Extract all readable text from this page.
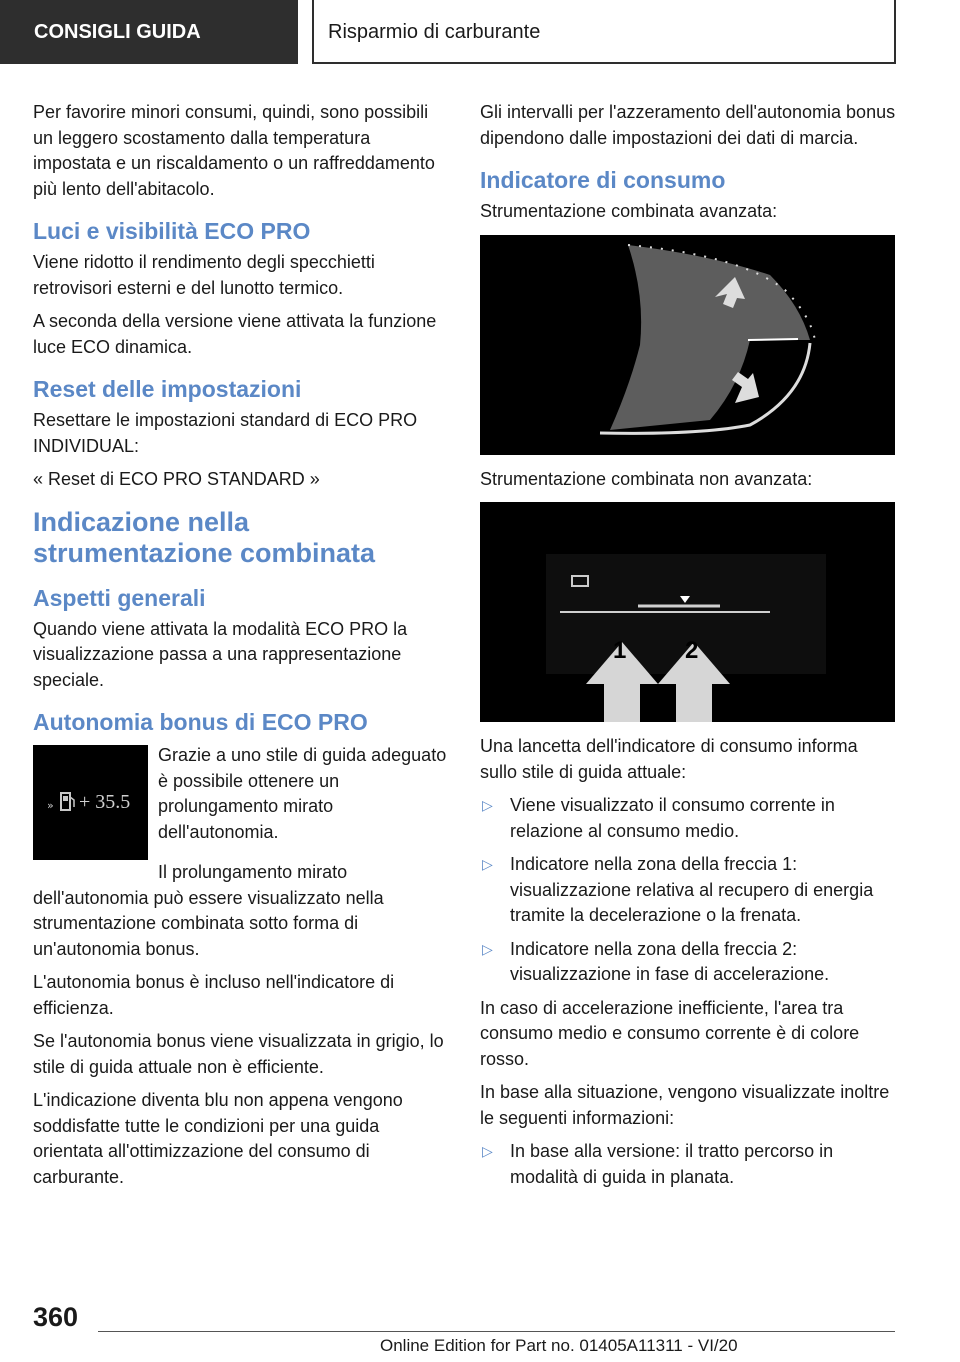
CONSIGLI GUIDA	Risparmio di carburante

Per favorire minori consumi, quindi, sono possibili un leggero scostamento dalla temperatura impostata e un riscaldamento o un raffreddamento più lento dell'abitacolo.

Luci e visibilità ECO PRO

Viene ridotto il rendimento degli specchietti retrovisori esterni e del lunotto termico.

A seconda della versione viene attivata la funzione luce ECO dinamica.

Reset delle impostazioni

Resettare le impostazioni standard di ECO PRO INDIVIDUAL:

« Reset di ECO PRO STANDARD »

Indicazione nella strumentazione combinata
Aspetti generali

Quando viene attivata la modalità ECO PRO la visualizzazione passa a una rappresentazione speciale.

Autonomia bonus di ECO PRO
» + 35.5

Grazie a uno stile di guida adeguato è possibile ottenere un prolungamento mirato dell'autonomia.

Il prolungamento mirato dell'autonomia può essere visualizzato nella strumentazione combinata sotto forma di un'autonomia bonus.

L'autonomia bonus è incluso nell'indicatore di efficienza.

Se l'autonomia bonus viene visualizzata in grigio, lo stile di guida attuale non è efficiente.

L'indicazione diventa blu non appena vengono soddisfatte tutte le condizioni per una guida orientata all'ottimizzazione del consumo di carburante.

Gli intervalli per l'azzeramento dell'autonomia bonus dipendono dalle impostazioni dei dati di marcia.

Indicatore di consumo

Strumentazione combinata avanzata:

Strumentazione combinata non avanzata:

1 2

Una lancetta dell'indicatore di consumo informa sullo stile di guida attuale:

▷ Viene visualizzato il consumo corrente in relazione al consumo medio.
▷ Indicatore nella zona della freccia 1: visualizzazione relativa al recupero di energia tramite la decelerazione o la frenata.
▷ Indicatore nella zona della freccia 2: visualizzazione in fase di accelerazione.

In caso di accelerazione inefficiente, l'area tra consumo medio e consumo corrente è di colore rosso.

In base alla situazione, vengono visualizzate inoltre le seguenti informazioni:

▷ In base alla versione: il tratto percorso in modalità di guida in planata.
360
Online Edition for Part no. 01405A11311 - VI/20
